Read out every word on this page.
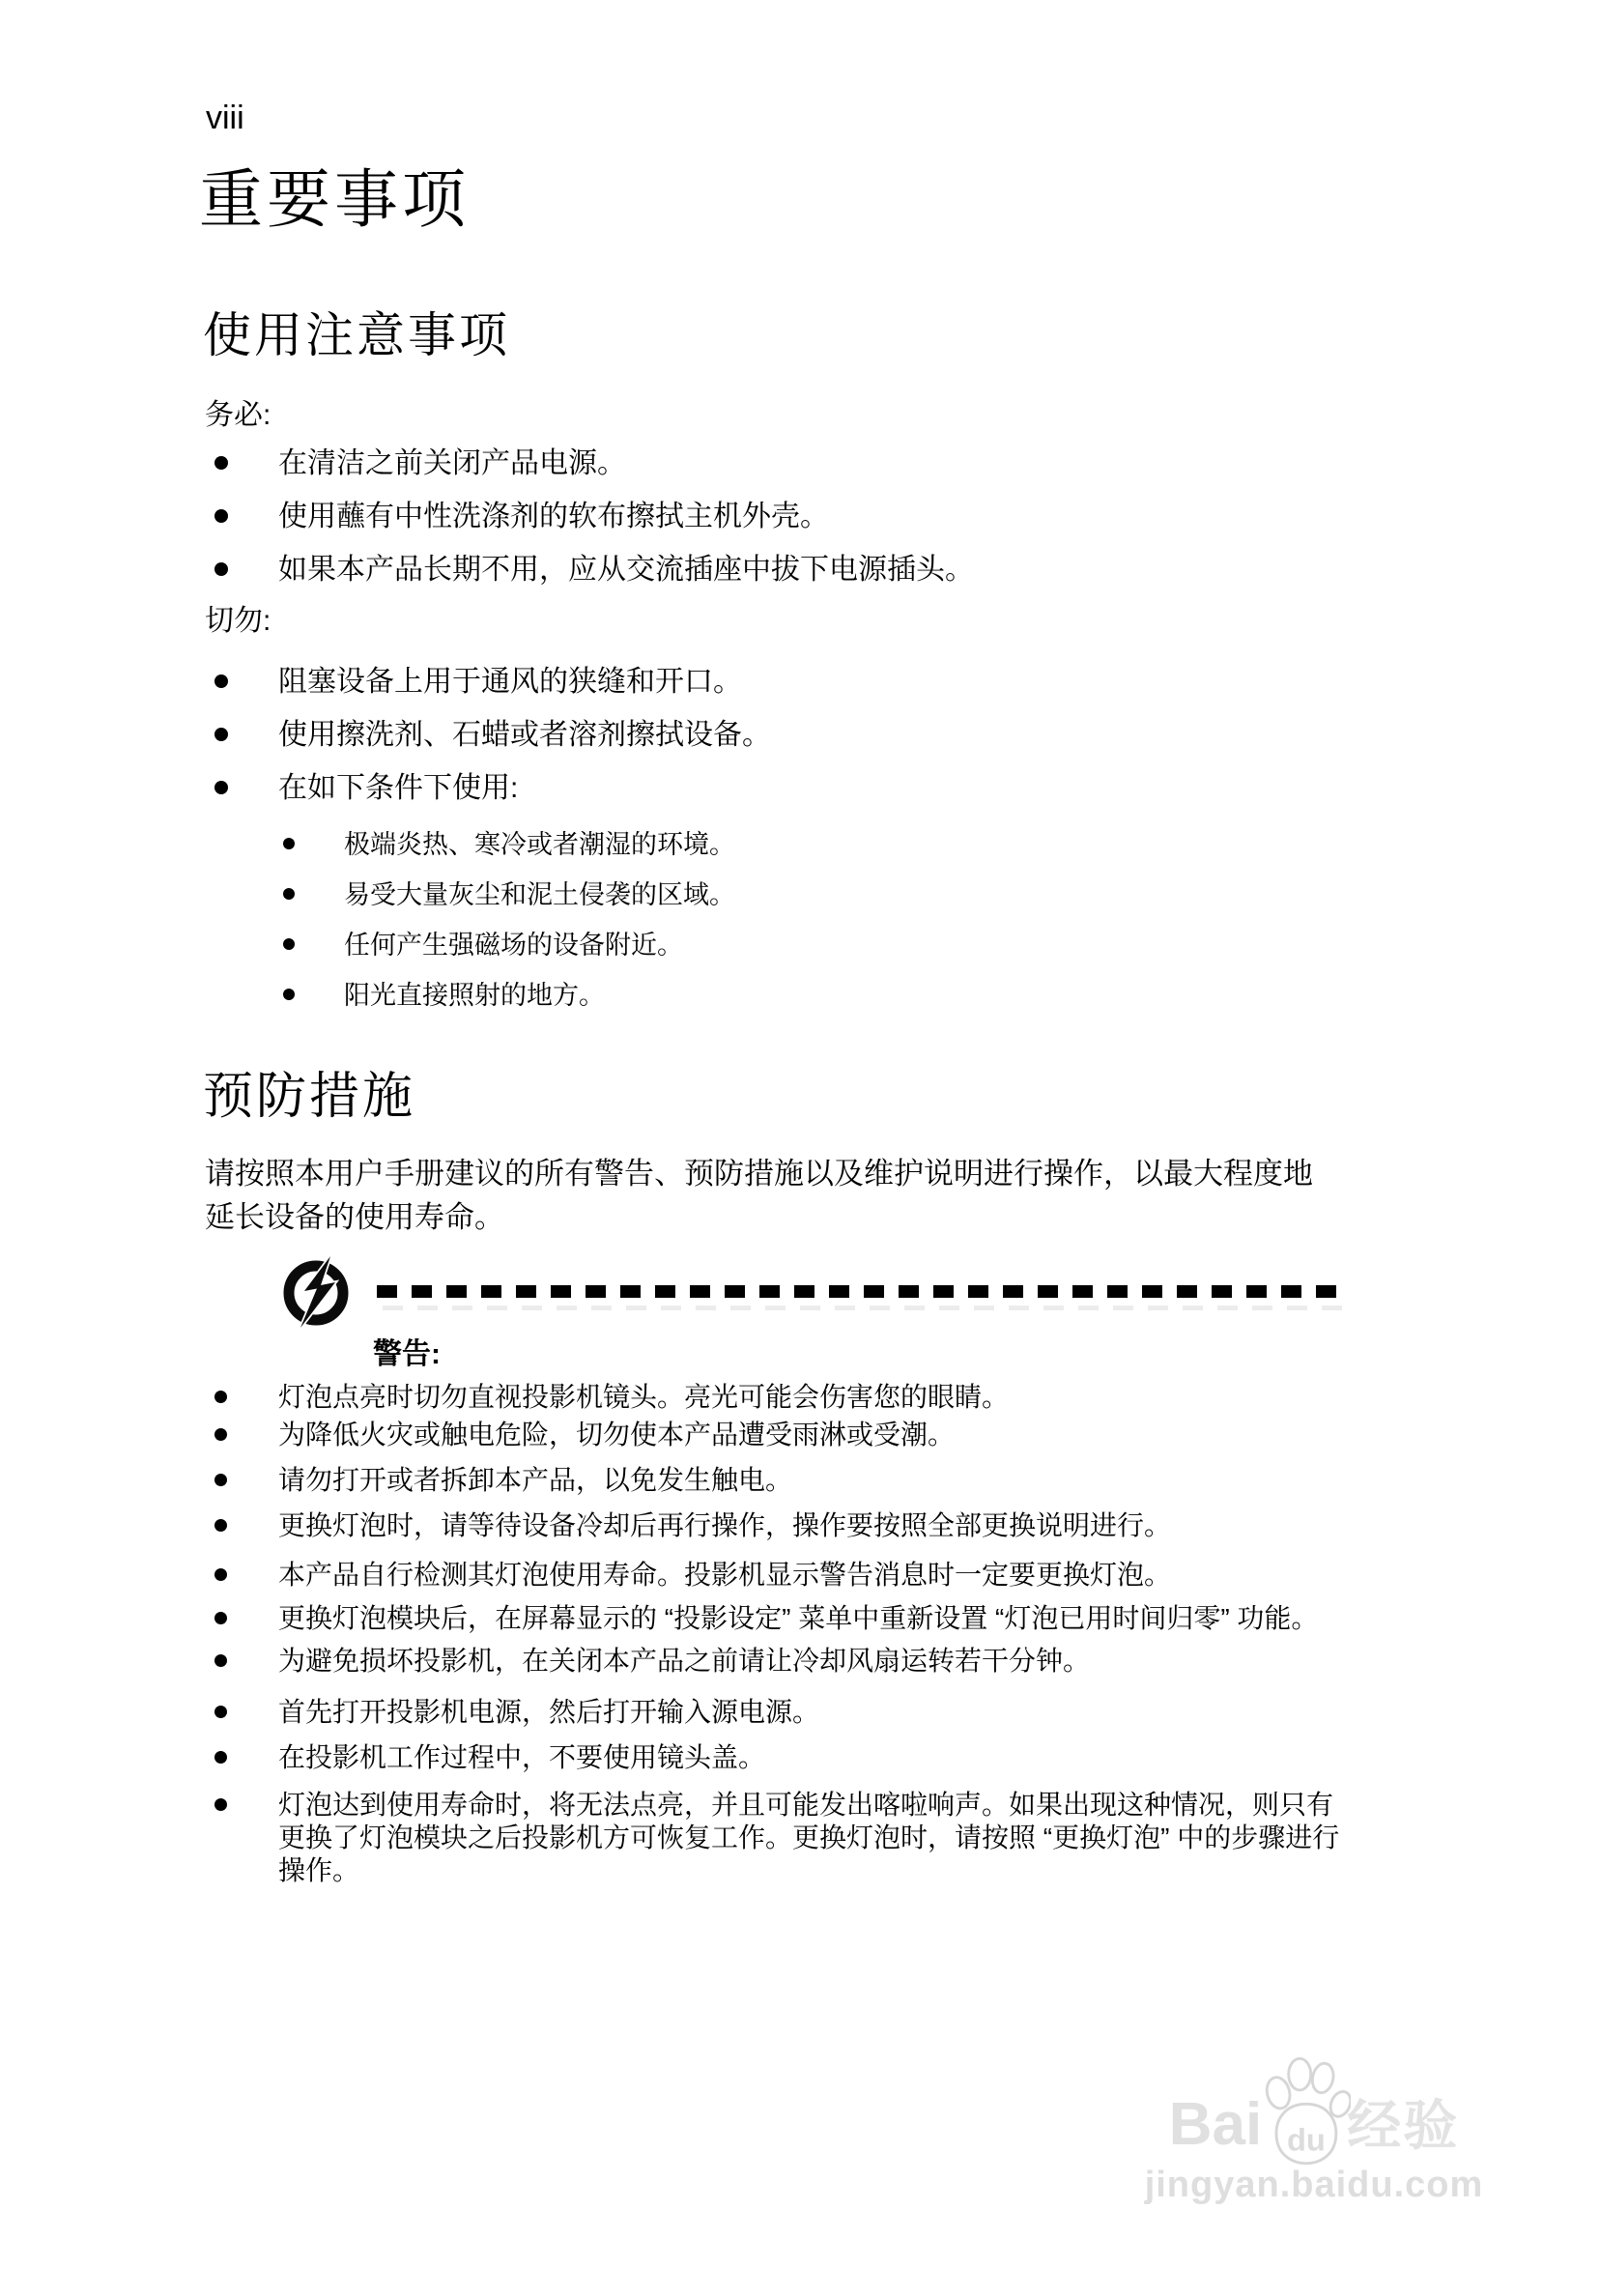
viii
重要事项
使用注意事项
务必:
在清洁之前关闭产品电源。
使用蘸有中性洗涤剂的软布擦拭主机外壳。
如果本产品长期不用，应从交流插座中拔下电源插头。
切勿:
阻塞设备上用于通风的狭缝和开口。
使用擦洗剂、石蜡或者溶剂擦拭设备。
在如下条件下使用:
极端炎热、寒冷或者潮湿的环境。
易受大量灰尘和泥土侵袭的区域。
任何产生强磁场的设备附近。
阳光直接照射的地方。
预防措施

请按照本用户手册建议的所有警告、预防措施以及维护说明进行操作，以最大程度地延长设备的使用寿命。

警告:
灯泡点亮时切勿直视投影机镜头。亮光可能会伤害您的眼睛。
为降低火灾或触电危险，切勿使本产品遭受雨淋或受潮。
请勿打开或者拆卸本产品，以免发生触电。
更换灯泡时，请等待设备冷却后再行操作，操作要按照全部更换说明进行。
本产品自行检测其灯泡使用寿命。投影机显示警告消息时一定要更换灯泡。
更换灯泡模块后，在屏幕显示的 “投影设定” 菜单中重新设置 “灯泡已用时间归零” 功能。
为避免损坏投影机，在关闭本产品之前请让冷却风扇运转若干分钟。
首先打开投影机电源，然后打开输入源电源。
在投影机工作过程中，不要使用镜头盖。
灯泡达到使用寿命时，将无法点亮，并且可能发出喀啦响声。如果出现这种情况，则只有更换了灯泡模块之后投影机方可恢复工作。更换灯泡时，请按照 “更换灯泡” 中的步骤进行操作。
Bai du 经验
jingyan.baidu.com
